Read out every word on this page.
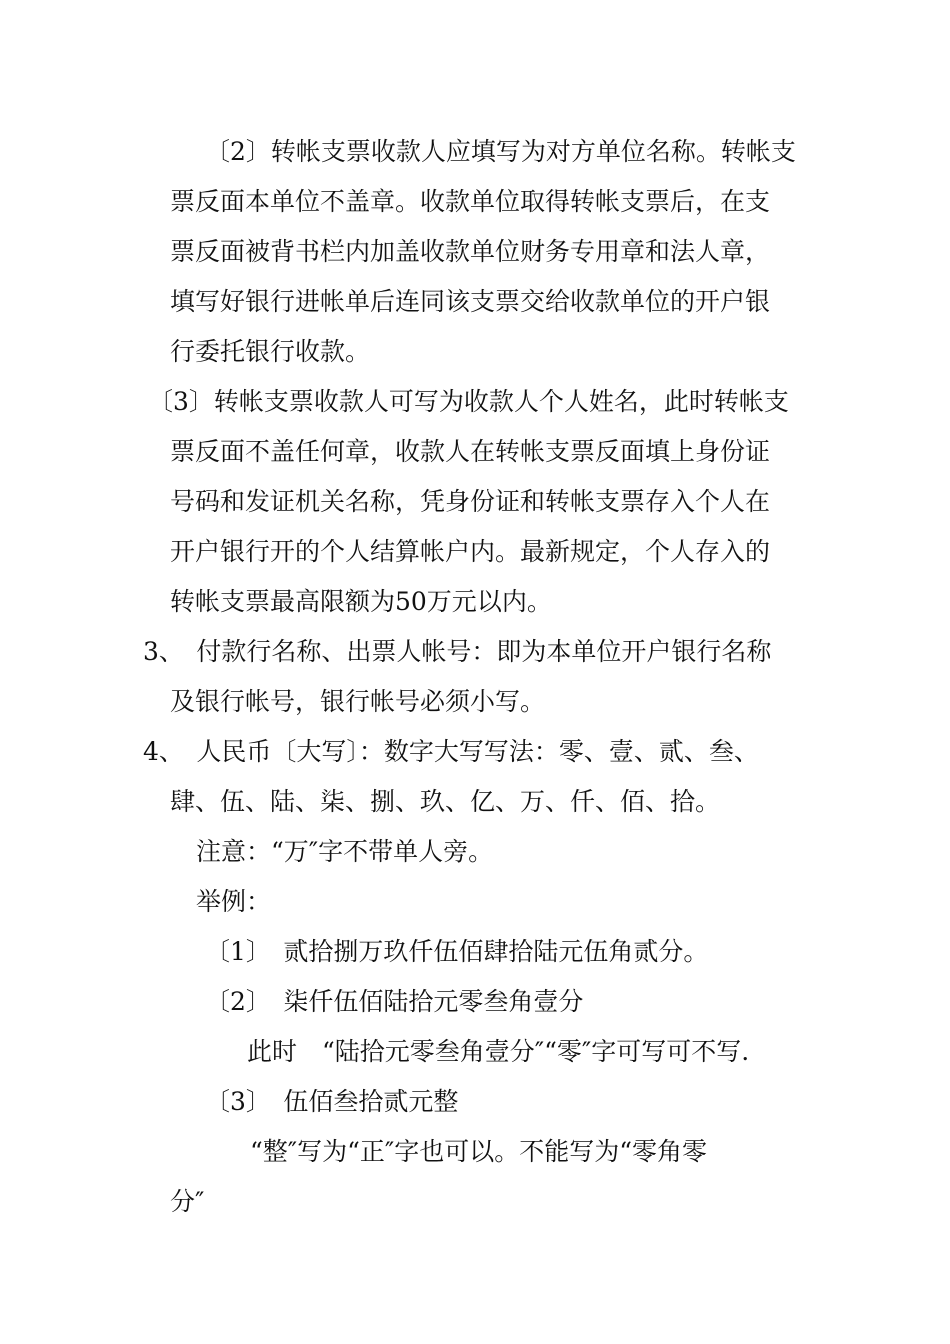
〔2〕转帐支票收款人应填写为对方单位名称。转帐支
票反面本单位不盖章。收款单位取得转帐支票后，在支
票反面被背书栏内加盖收款单位财务专用章和法人章，
填写好银行进帐单后连同该支票交给收款单位的开户银
行委托银行收款。
〔3〕转帐支票收款人可写为收款人个人姓名，此时转帐支
票反面不盖任何章，收款人在转帐支票反面填上身份证
号码和发证机关名称，凭身份证和转帐支票存入个人在
开户银行开的个人结算帐户内。最新规定，个人存入的
转帐支票最高限额为50万元以内。
3、　付款行名称、出票人帐号：即为本单位开户银行名称
及银行帐号，银行帐号必须小写。
4、　人民币〔大写〕：数字大写写法：零、壹、贰、叁、
肆、伍、陆、柒、捌、玖、亿、万、仟、佰、拾。
注意：“万″字不带单人旁。
举例：
〔1〕　贰拾捌万玖仟伍佰肆拾陆元伍角贰分。
〔2〕　柒仟伍佰陆拾元零叁角壹分
此时　“陆拾元零叁角壹分″“零″字可写可不写.
〔3〕　伍佰叁拾贰元整
“整″写为“正″字也可以。不能写为“零角零
分″
